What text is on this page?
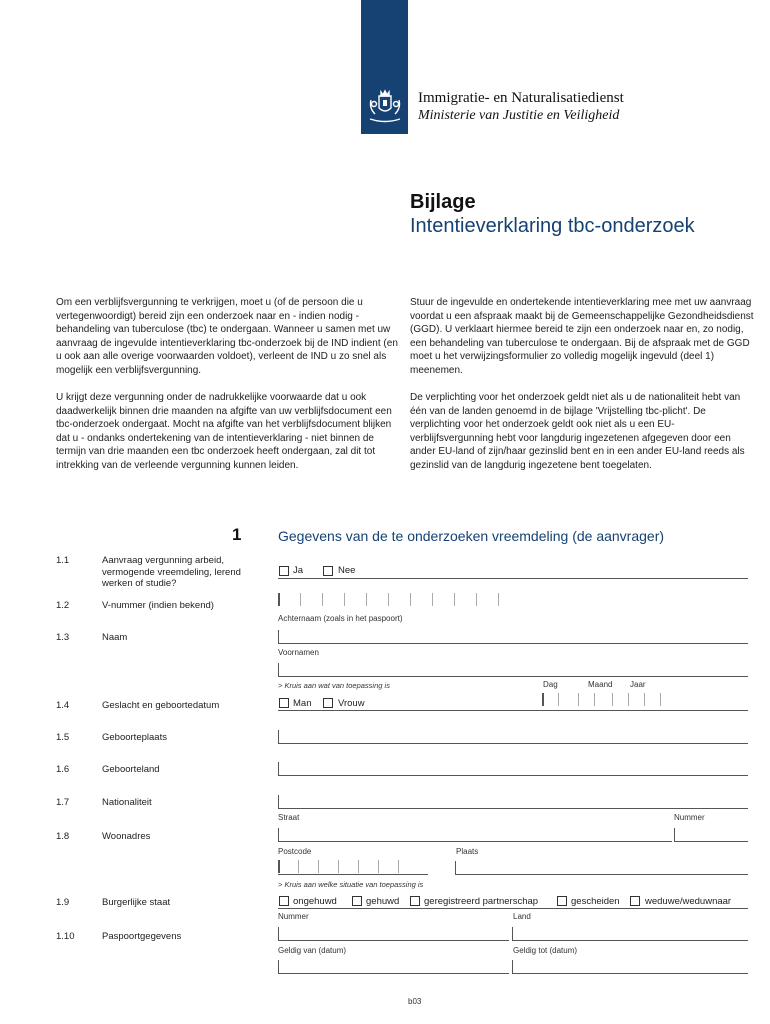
Immigratie- en Naturalisatiedienst
Ministerie van Justitie en Veiligheid
Bijlage
Intentieverklaring tbc-onderzoek
Om een verblijfsvergunning te verkrijgen, moet u (of de persoon die u vertegenwoordigt) bereid zijn een onderzoek naar en - indien nodig - behandeling van tuberculose (tbc) te ondergaan. Wanneer u samen met uw aanvraag de ingevulde intentieverklaring tbc-onderzoek bij de IND indient (en u ook aan alle overige voorwaarden voldoet), verleent de IND u zo snel als mogelijk een verblijfsvergunning.
U krijgt deze vergunning onder de nadrukkelijke voorwaarde dat u ook daadwerkelijk binnen drie maanden na afgifte van uw verblijfsdocument een tbc-onderzoek ondergaat. Mocht na afgifte van het verblijfsdocument blijken dat u - ondanks ondertekening van de intentieverklaring - niet binnen de termijn van drie maanden een tbc onderzoek heeft ondergaan, zal dit tot intrekking van de verleende vergunning kunnen leiden.
Stuur de ingevulde en ondertekende intentieverklaring mee met uw aanvraag voordat u een afspraak maakt bij de Gemeenschappelijke Gezondheidsdienst (GGD). U verklaart hiermee bereid te zijn een onderzoek naar en, zo nodig, een behandeling van tuberculose te ondergaan. Bij de afspraak met de GGD moet u het verwijzingsformulier zo volledig mogelijk ingevuld (deel 1) meenemen.
De verplichting voor het onderzoek geldt niet als u de nationaliteit hebt van één van de landen genoemd in de bijlage 'Vrijstelling tbc-plicht'. De verplichting voor het onderzoek geldt ook niet als u een EU-verblijfsvergunning hebt voor langdurig ingezetenen afgegeven door een ander EU-land of zijn/haar gezinslid bent en in een ander EU-land reeds als gezinslid van de langdurig ingezetene bent toegelaten.
1	Gegevens van de te onderzoeken vreemdeling (de aanvrager)
1.1	Aanvraag vergunning arbeid, vermogende vreemdeling, lerend werken of studie?
Ja	Nee
1.2	V-nummer (indien bekend)
Achternaam (zoals in het paspoort)
1.3	Naam
Voornamen
> Kruis aan wat van toepassing is	Dag	Maand Jaar
1.4	Geslacht en geboortedatum	Man	Vrouw
1.5	Geboorteplaats
1.6	Geboorteland
1.7	Nationaliteit
Straat	Nummer
1.8	Woonadres
Postcode	Plaats
> Kruis aan welke situatie van toepassing is
1.9	Burgerlijke staat	ongehuwd	gehuwd	geregistreerd partnerschap	gescheiden	weduwe/weduwnaar
Nummer	Land
1.10	Paspoortgegevens
Geldig van (datum)	Geldig tot (datum)
b03
